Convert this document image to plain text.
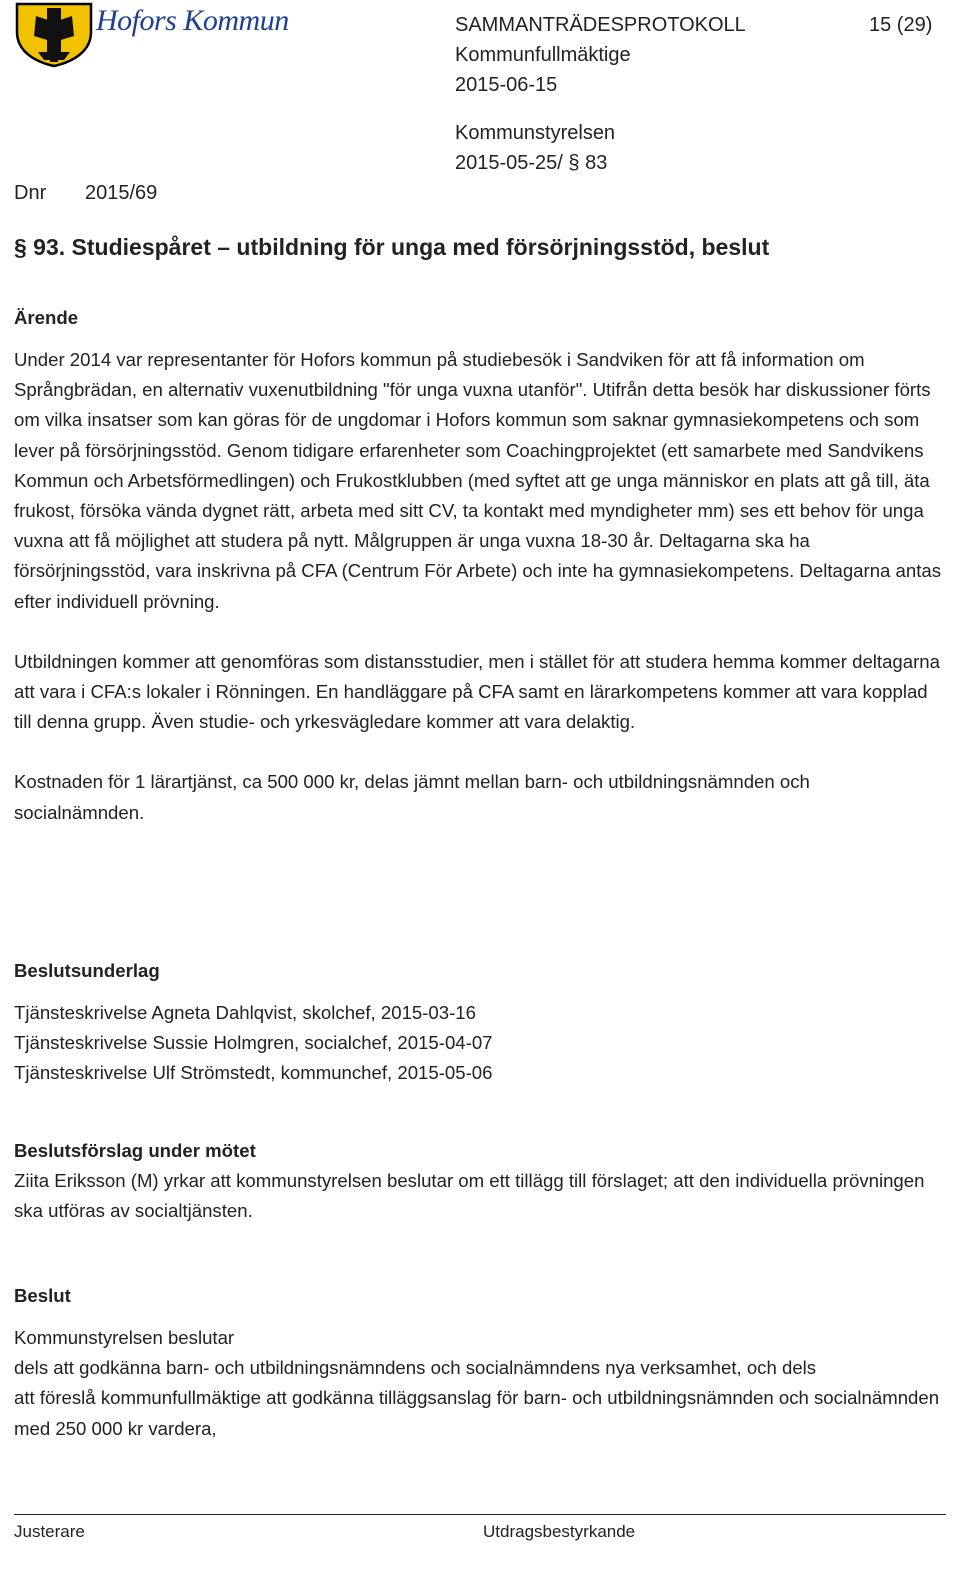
Hofors Kommun	SAMMANTRÄDESPROTOKOLL	15 (29)
Kommunfullmäktige
2015-06-15
Kommunstyrelsen
2015-05-25/ § 83
Dnr 2015/69
§ 93. Studiespåret – utbildning för unga med försörjningsstöd, beslut

Ärende

Under 2014 var representanter för Hofors kommun på studiebesök i Sandviken för att få information om Språngbrädan, en alternativ vuxenutbildning "för unga vuxna utanför". Utifrån detta besök har diskussioner förts om vilka insatser som kan göras för de ungdomar i Hofors kommun som saknar gymnasiekompetens och som lever på försörjningsstöd. Genom tidigare erfarenheter som Coachingprojektet (ett samarbete med Sandvikens Kommun och Arbetsförmedlingen) och Frukostklubben (med syftet att ge unga människor en plats att gå till, äta frukost, försöka vända dygnet rätt, arbeta med sitt CV, ta kontakt med myndigheter mm) ses ett behov för unga vuxna att få möjlighet att studera på nytt. Målgruppen är unga vuxna 18-30 år. Deltagarna ska ha försörjningsstöd, vara inskrivna på CFA (Centrum För Arbete) och inte ha gymnasiekompetens. Deltagarna antas efter individuell prövning.

Utbildningen kommer att genomföras som distansstudier, men i stället för att studera hemma kommer deltagarna att vara i CFA:s lokaler i Rönningen. En handläggare på CFA samt en lärarkompetens kommer att vara kopplad till denna grupp. Även studie- och yrkesvägledare kommer att vara delaktig.

Kostnaden för 1 lärartjänst, ca 500 000 kr, delas jämnt mellan barn- och utbildningsnämnden och socialnämnden.

Beslutsunderlag

Tjänsteskrivelse Agneta Dahlqvist, skolchef, 2015-03-16

Tjänsteskrivelse Sussie Holmgren, socialchef, 2015-04-07

Tjänsteskrivelse Ulf Strömstedt, kommunchef, 2015-05-06

Beslutsförslag under mötet

Ziita Eriksson (M) yrkar att kommunstyrelsen beslutar om ett tillägg till förslaget; att den individuella prövningen ska utföras av socialtjänsten.

Beslut

Kommunstyrelsen beslutar

dels att godkänna barn- och utbildningsnämndens och socialnämndens nya verksamhet, och dels

att föreslå kommunfullmäktige att godkänna tilläggsanslag för barn- och utbildningsnämnden och socialnämnden med 250 000 kr vardera,

Justerare	Utdragsbestyrkande
